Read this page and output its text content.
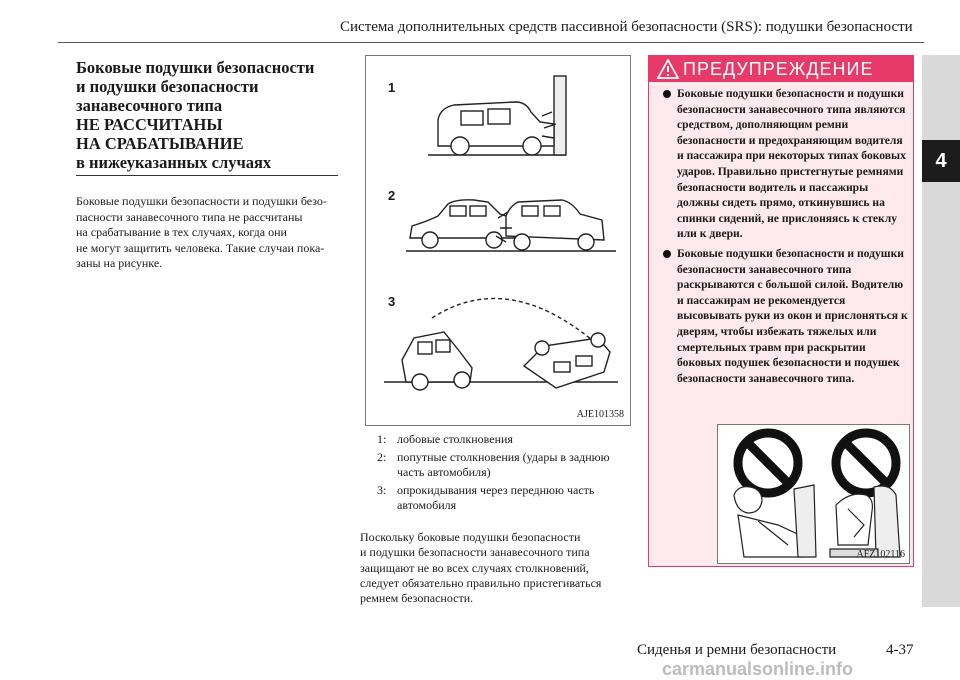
Система дополнительных средств пассивной безопасности (SRS): подушки безопасности
4
Боковые подушки безопасности
и подушки безопасности
занавесочного типа
НЕ РАССЧИТАНЫ
НА СРАБАТЫВАНИЕ
в нижеуказанных случаях
Боковые подушки безопасности и подушки безо-
пасности занавесочного типа не рассчитаны
на срабатывание в тех случаях, когда они
не могут защитить человека. Такие случаи пока-
заны на рисунке.
1
2
3
AJE101358
1: лобовые столкновения
2: попутные столкновения (удары в заднюю часть автомобиля)
3: опрокидывания через переднюю часть автомобиля
Поскольку боковые подушки безопасности
и подушки безопасности занавесочного типа
защищают не во всех случаях столкновений,
следует обязательно правильно пристегиваться
ремнем безопасности.
ПРЕДУПРЕЖДЕНИЕ
Боковые подушки безопасности и подушки безопасности занавесочного типа являются средством, дополняющим ремни безопасности и предохраняющим водителя и пассажира при некоторых типах боковых ударов. Правильно пристегнутые ремнями безопасности водитель и пассажиры должны сидеть прямо, откинувшись на спинки сидений, не прислоняясь к стеклу или к двери.
Боковые подушки безопасности и подушки безопасности занавесочного типа раскрываются с большой силой. Водителю и пассажирам не рекомендуется высовывать руки из окон и прислоняться к дверям, чтобы избежать тяжелых или смертельных травм при раскрытии боковых подушек безопасности и подушек безопасности занавесочного типа.
AFZ102116
Сиденья и ремни безопасности	4-37
carmanualsonline.info
